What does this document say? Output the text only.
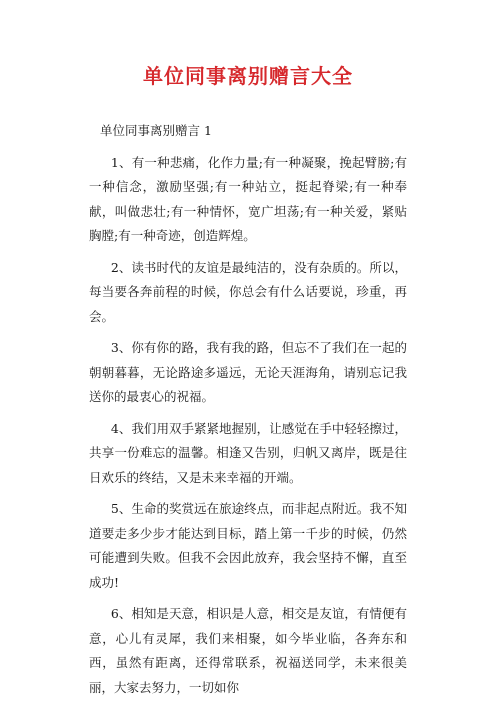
单位同事离别赠言大全
单位同事离别赠言 1

1、有一种悲痛，化作力量;有一种凝聚，挽起臂膀;有一种信念，激励坚强;有一种站立，挺起脊梁;有一种奉献，叫做悲壮;有一种情怀，宽广坦荡;有一种关爱，紧贴胸膛;有一种奇迹，创造辉煌。

2、读书时代的友谊是最纯洁的，没有杂质的。所以，每当要各奔前程的时候，你总会有什么话要说，珍重，再会。

3、你有你的路，我有我的路，但忘不了我们在一起的朝朝暮暮，无论路途多遥远，无论天涯海角，请别忘记我送你的最衷心的祝福。

4、我们用双手紧紧地握别，让感觉在手中轻轻擦过，共享一份难忘的温馨。相逢又告别，归帆又离岸，既是往日欢乐的终结，又是未来幸福的开端。

5、生命的奖赏远在旅途终点，而非起点附近。我不知道要走多少步才能达到目标，踏上第一千步的时候，仍然可能遭到失败。但我不会因此放弃，我会坚持不懈，直至成功!

6、相知是天意，相识是人意，相交是友谊，有情便有意，心儿有灵犀，我们来相聚，如今毕业临，各奔东和西，虽然有距离，还得常联系，祝福送同学，未来很美丽，大家去努力，一切如你
